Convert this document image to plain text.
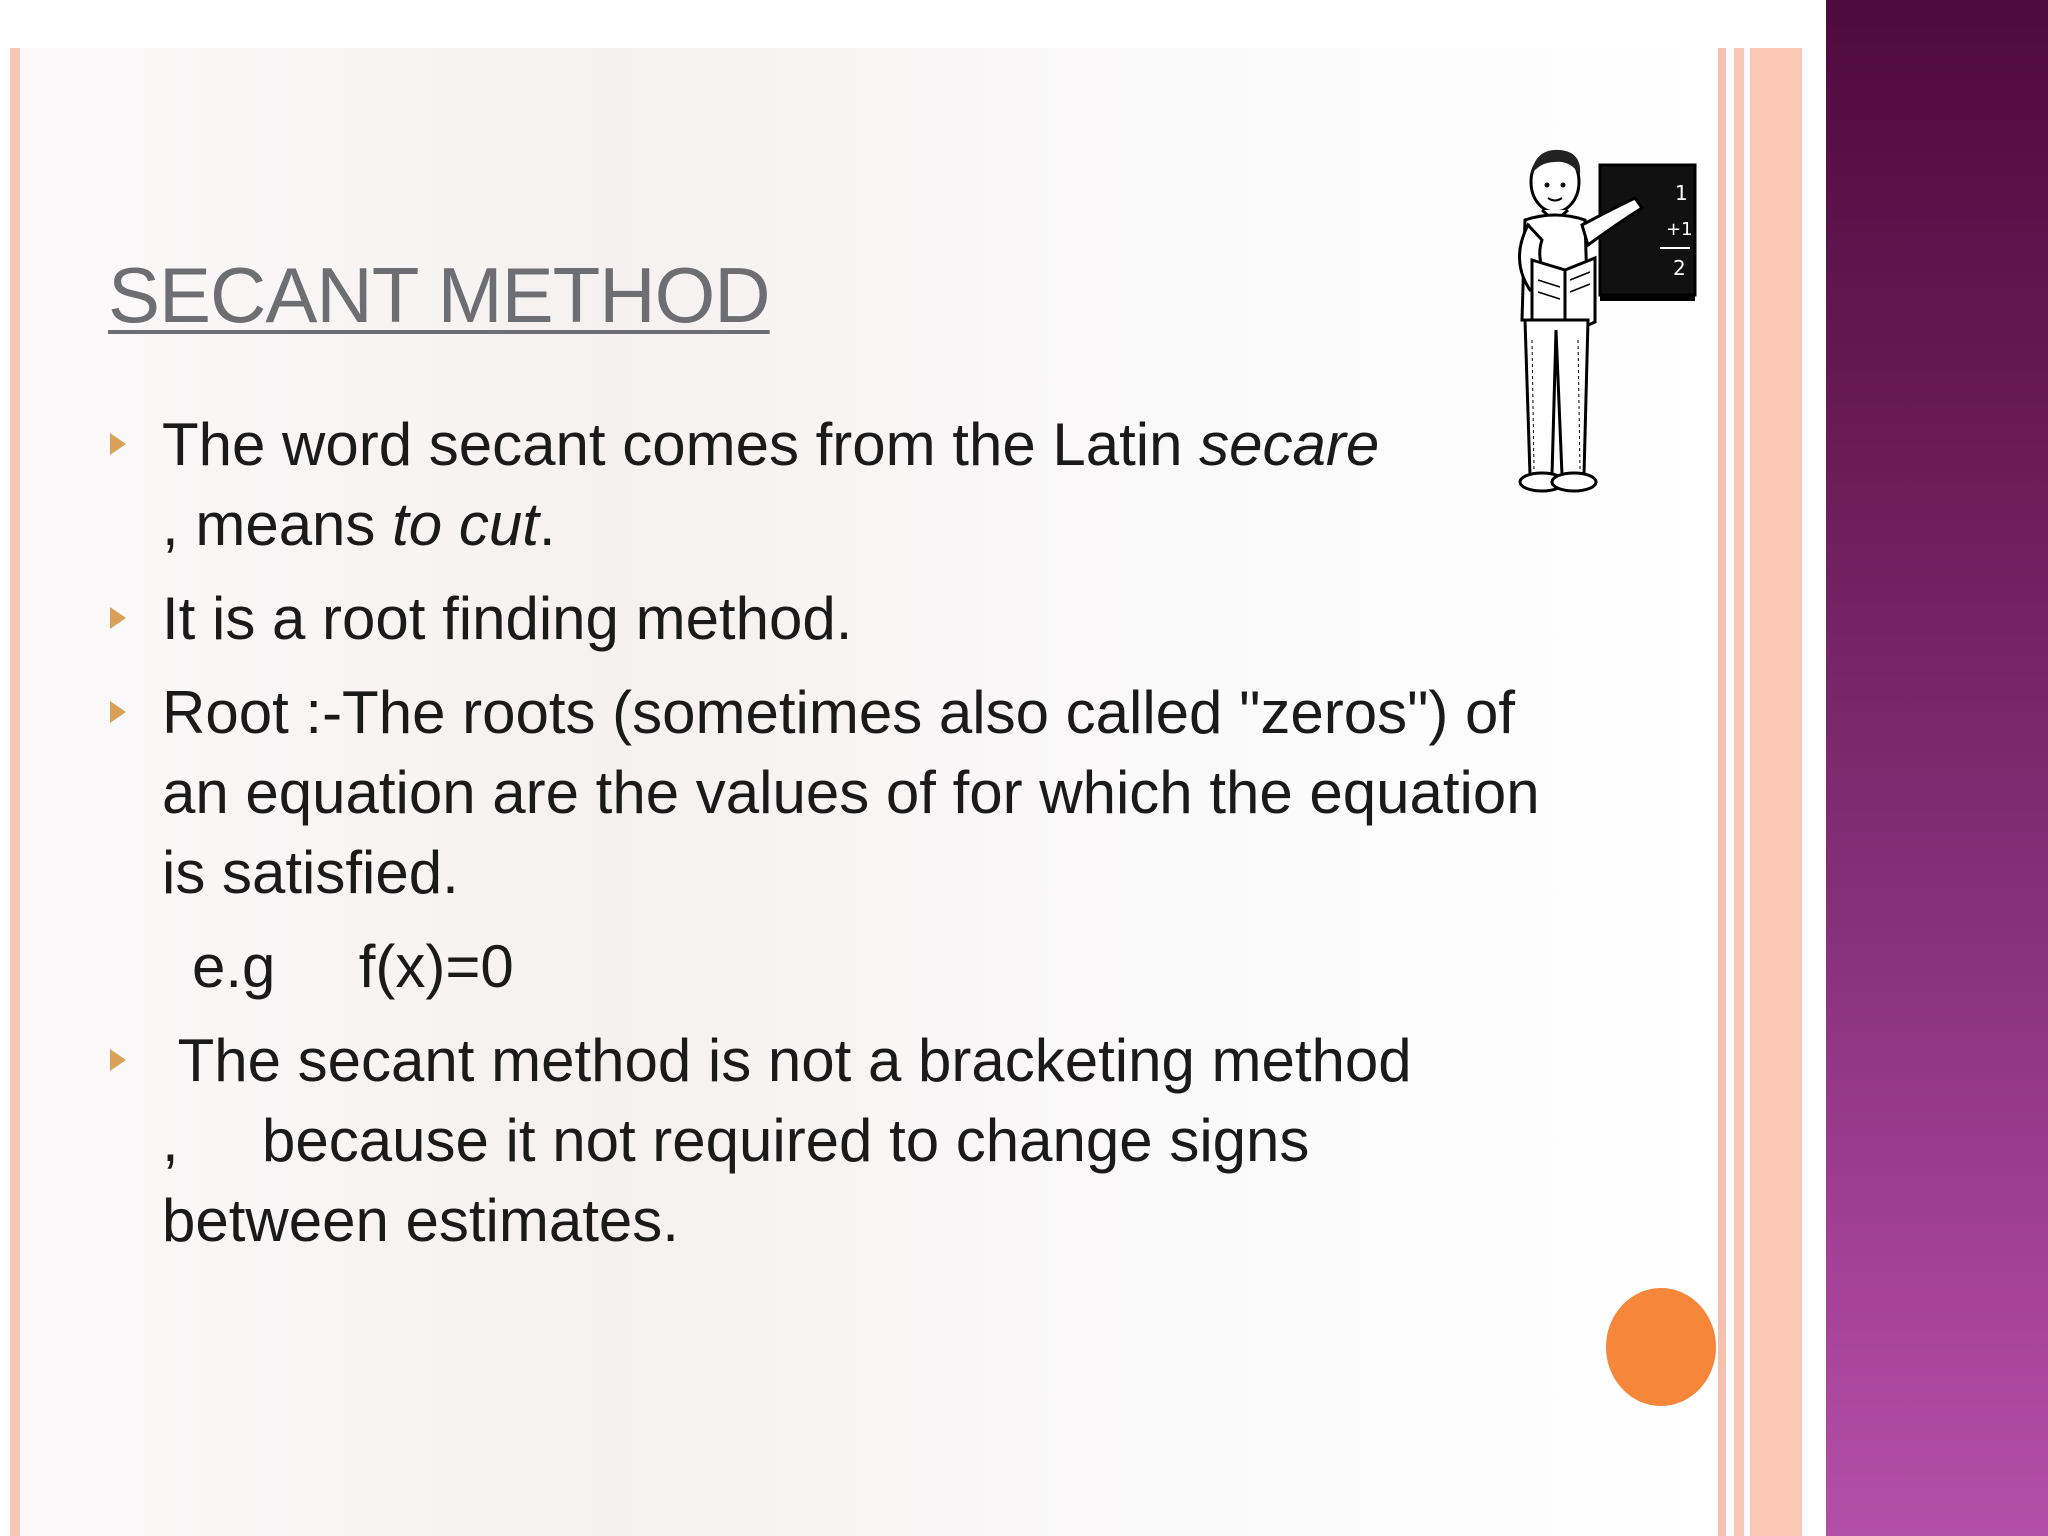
SECANT METHOD
The word secant comes from the Latin secare
, means to cut.
It is a root finding method.
Root :-The roots (sometimes also called "zeros") of
an equation are the values of for which the equation
is satisfied.
e.g     f(x)=0
The secant method is not a bracketing method
,     because it not required to change signs
between estimates.
1
+1
2
